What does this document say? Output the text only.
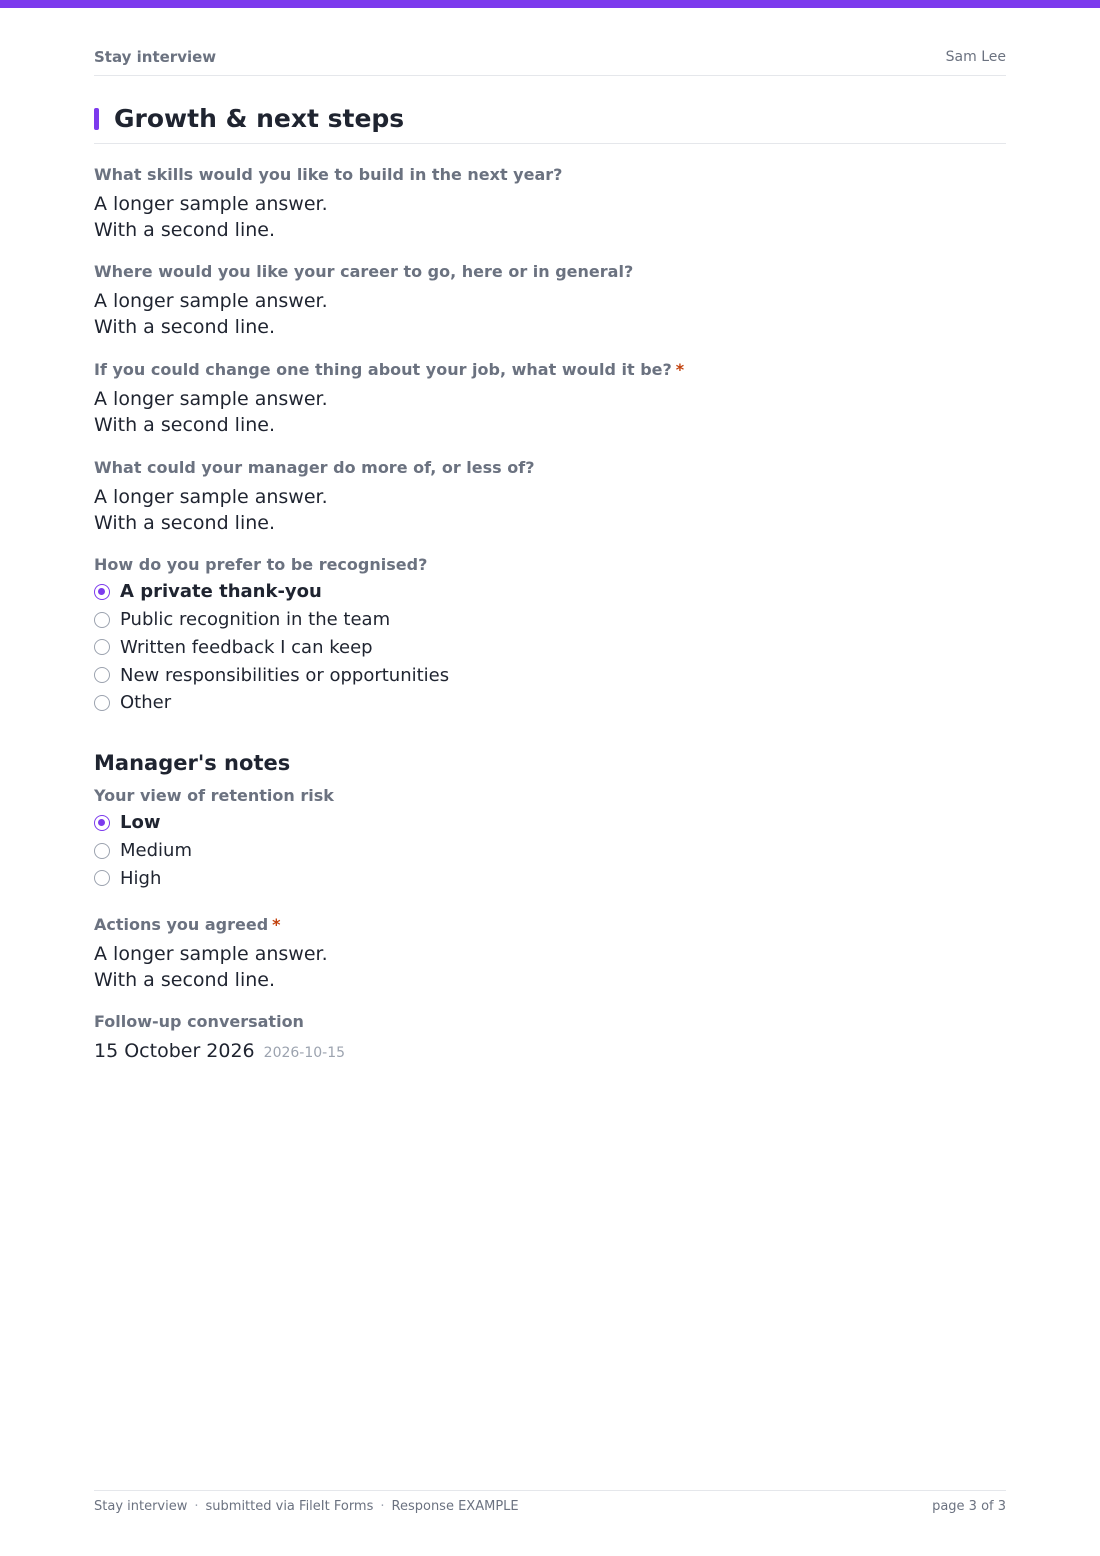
Stay interview	Sam Lee
Growth & next steps
What skills would you like to build in the next year?
A longer sample answer.
With a second line.
Where would you like your career to go, here or in general?
A longer sample answer.
With a second line.
If you could change one thing about your job, what would it be? *
A longer sample answer.
With a second line.
What could your manager do more of, or less of?
A longer sample answer.
With a second line.
How do you prefer to be recognised?
A private thank-you
Public recognition in the team
Written feedback I can keep
New responsibilities or opportunities
Other
Manager's notes
Your view of retention risk
Low
Medium
High
Actions you agreed *
A longer sample answer.
With a second line.
Follow-up conversation
15 October 2026 2026-10-15
Stay interview · submitted via FileIt Forms · Response EXAMPLE	page 3 of 3
